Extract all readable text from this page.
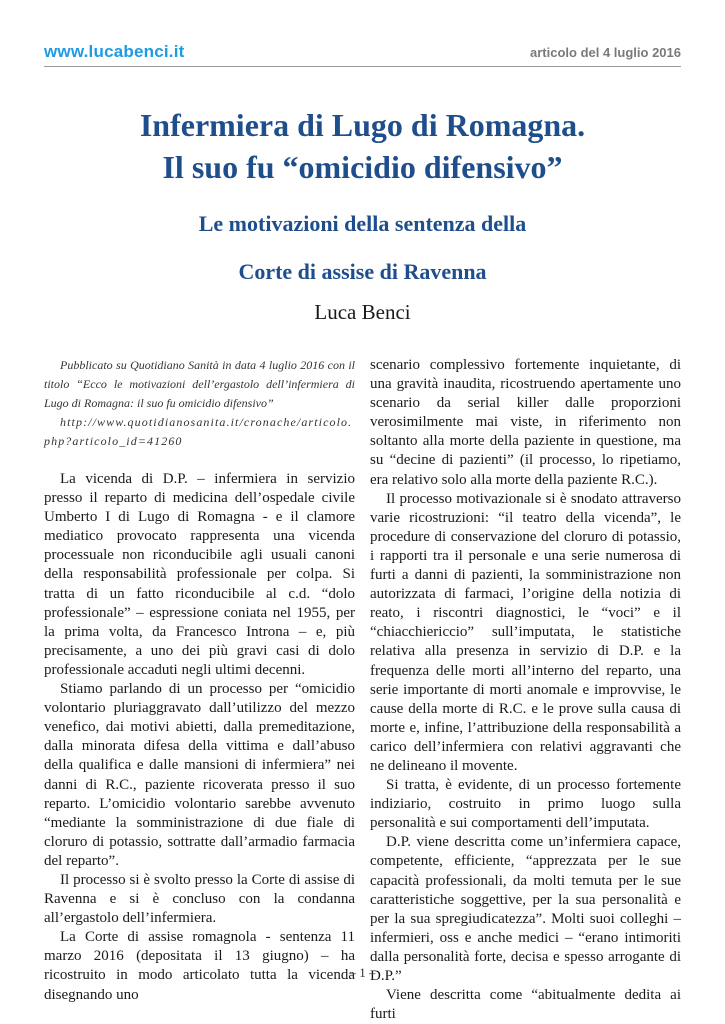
www.lucabenci.it	articolo del 4 luglio 2016
Infermiera di Lugo di Romagna.
Il suo fu “omicidio difensivo”
Le motivazioni della sentenza della
Corte di assise di Ravenna
Luca Benci

Pubblicato su Quotidiano Sanità in data 4 luglio 2016 con il titolo “Ecco le motivazioni dell’ergastolo dell’infermiera di Lugo di Romagna: il suo fu omicidio difensivo”

http://www.quotidianosanita.it/cronache/articolo.php?articolo_id=41260

La vicenda di D.P. – infermiera in servizio presso il reparto di medicina dell’ospedale civile Umberto I di Lugo di Romagna - e il clamore mediatico provocato rappresenta una vicenda processuale non riconducibile agli usuali canoni della responsabilità professionale per colpa. Si tratta di un fatto riconducibile al c.d. “dolo professionale” – espressione coniata nel 1955, per la prima volta, da Francesco Introna – e, più precisamente, a uno dei più gravi casi di dolo professionale accaduti negli ultimi decenni.

Stiamo parlando di un processo per “omicidio volontario pluriaggravato dall’utilizzo del mezzo venefico, dai motivi abietti, dalla premeditazione, dalla minorata difesa della vittima e dall’abuso della qualifica e dalle mansioni di infermiera” nei danni di R.C., paziente ricoverata presso il suo reparto. L’omicidio volontario sarebbe avvenuto “mediante la somministrazione di due fiale di cloruro di potassio, sottratte dall’armadio farmacia del reparto”.

Il processo si è svolto presso la Corte di assise di Ravenna e si è concluso con la condanna all’ergastolo dell’infermiera.

La Corte di assise romagnola - sentenza 11 marzo 2016 (depositata il 13 giugno) – ha ricostruito in modo articolato tutta la vicenda disegnando uno

scenario complessivo fortemente inquietante, di una gravità inaudita, ricostruendo apertamente uno scenario da serial killer dalle proporzioni verosimilmente mai viste, in riferimento non soltanto alla morte della paziente in questione, ma su “decine di pazienti” (il processo, lo ripetiamo, era relativo solo alla morte della paziente R.C.).

Il processo motivazionale si è snodato attraverso varie ricostruzioni: “il teatro della vicenda”, le procedure di conservazione del cloruro di potassio, i rapporti tra il personale e una serie numerosa di furti a danni di pazienti, la somministrazione non autorizzata di farmaci, l’origine della notizia di reato, i riscontri diagnostici, le “voci” e il “chiacchiericcio” sull’imputata, le statistiche relativa alla presenza in servizio di D.P. e la frequenza delle morti all’interno del reparto, una serie importante di morti anomale e improvvise, le cause della morte di R.C. e le prove sulla causa di morte e, infine, l’attribuzione della responsabilità a carico dell’infermiera con relativi aggravanti che ne delineano il movente.

Si tratta, è evidente, di un processo fortemente indiziario, costruito in primo luogo sulla personalità e sui comportamenti dell’imputata.

D.P. viene descritta come un’infermiera capace, competente, efficiente, “apprezzata per le sue capacità professionali, da molti temuta per le sue caratteristiche soggettive, per la sua personalità e per la sua spregiudicatezza”. Molti suoi colleghi – infermieri, oss e anche medici – “erano intimoriti dalla personalità forte, decisa e spesso arrogante di D.P.”

Viene descritta come “abitualmente dedita ai furti

– 1 –
